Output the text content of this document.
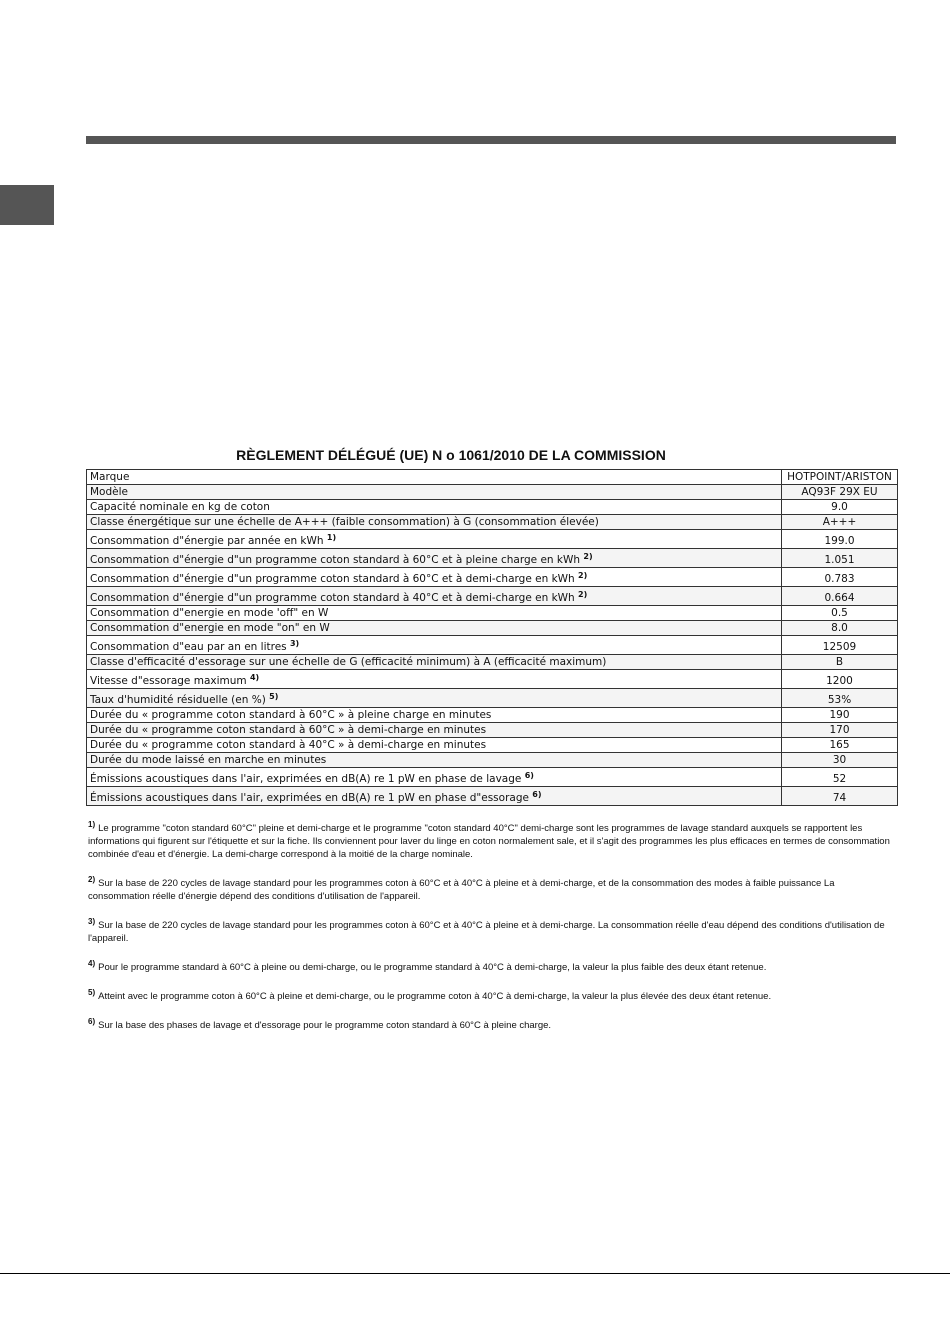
RÈGLEMENT DÉLÉGUÉ (UE) N o 1061/2010 DE LA COMMISSION
Marque	HOTPOINT/ARISTON
Modèle	AQ93F 29X EU
Capacité nominale en kg de coton	9.0
Classe énergétique sur une échelle de A+++ (faible consommation) à G (consommation élevée)	A+++
Consommation d"énergie par année en kWh $^{1)}$	199.0
Consommation d"énergie d"un programme coton standard à 60°C et à pleine charge en kWh $^{2)}$	1.051
Consommation d"énergie d"un programme coton standard à 60°C et à demi-charge en kWh $^{2)}$	0.783
Consommation d"énergie d"un programme coton standard à 40°C et à demi-charge en kWh $^{2)}$	0.664
Consommation d"energie en mode 'off" en W	0.5
Consommation d"energie en mode "on" en W	8.0
Consommation d"eau par an en litres $^{3)}$	12509
Classe d'efficacité d'essorage sur une échelle de G (efficacité minimum) à A (efficacité maximum)	B
Vitesse d"essorage maximum $^{4)}$	1200
Taux d'humidité résiduelle (en %) $^{5)}$	53%
Durée du « programme coton standard à 60°C » à pleine charge en minutes	190
Durée du « programme coton standard à 60°C » à demi-charge en minutes	170
Durée du « programme coton standard à 40°C » à demi-charge en minutes	165
Durée du mode laissé en marche en minutes	30
Émissions acoustiques dans l'air, exprimées en dB(A) re 1 pW en phase de lavage $^{6)}$	52
Émissions acoustiques dans l'air, exprimées en dB(A) re 1 pW en phase d"essorage $^{6)}$	74

$^{1)}$ Le programme "coton standard 60°C" pleine et demi-charge et le programme "coton standard 40°C" demi-charge sont les programmes de lavage standard auxquels se rapportent les informations qui figurent sur l'étiquette et sur la fiche. Ils conviennent pour laver du linge en coton normalement sale, et il s'agit des programmes les plus efficaces en termes de consommation combinée d'eau et d'énergie. La demi-charge correspond à la moitié de la charge nominale.

$^{2)}$ Sur la base de 220 cycles de lavage standard pour les programmes coton à 60°C et à 40°C à pleine et à demi-charge, et de la consommation des modes à faible puissance La consommation réelle d'énergie dépend des conditions d'utilisation de l'appareil.

$^{3)}$ Sur la base de 220 cycles de lavage standard pour les programmes coton à 60°C et à 40°C à pleine et à demi-charge. La consommation réelle d'eau dépend des conditions d'utilisation de l'appareil.

$^{4)}$ Pour le programme standard à 60°C à pleine ou demi-charge, ou le programme standard à 40°C à demi-charge, la valeur la plus faible des deux étant retenue.

$^{5)}$ Atteint avec le programme coton à 60°C à pleine et demi-charge, ou le programme coton à 40°C à demi-charge, la valeur la plus élevée des deux étant retenue.

$^{6)}$ Sur la base des phases de lavage et d'essorage pour le programme coton standard à 60°C à pleine charge.
